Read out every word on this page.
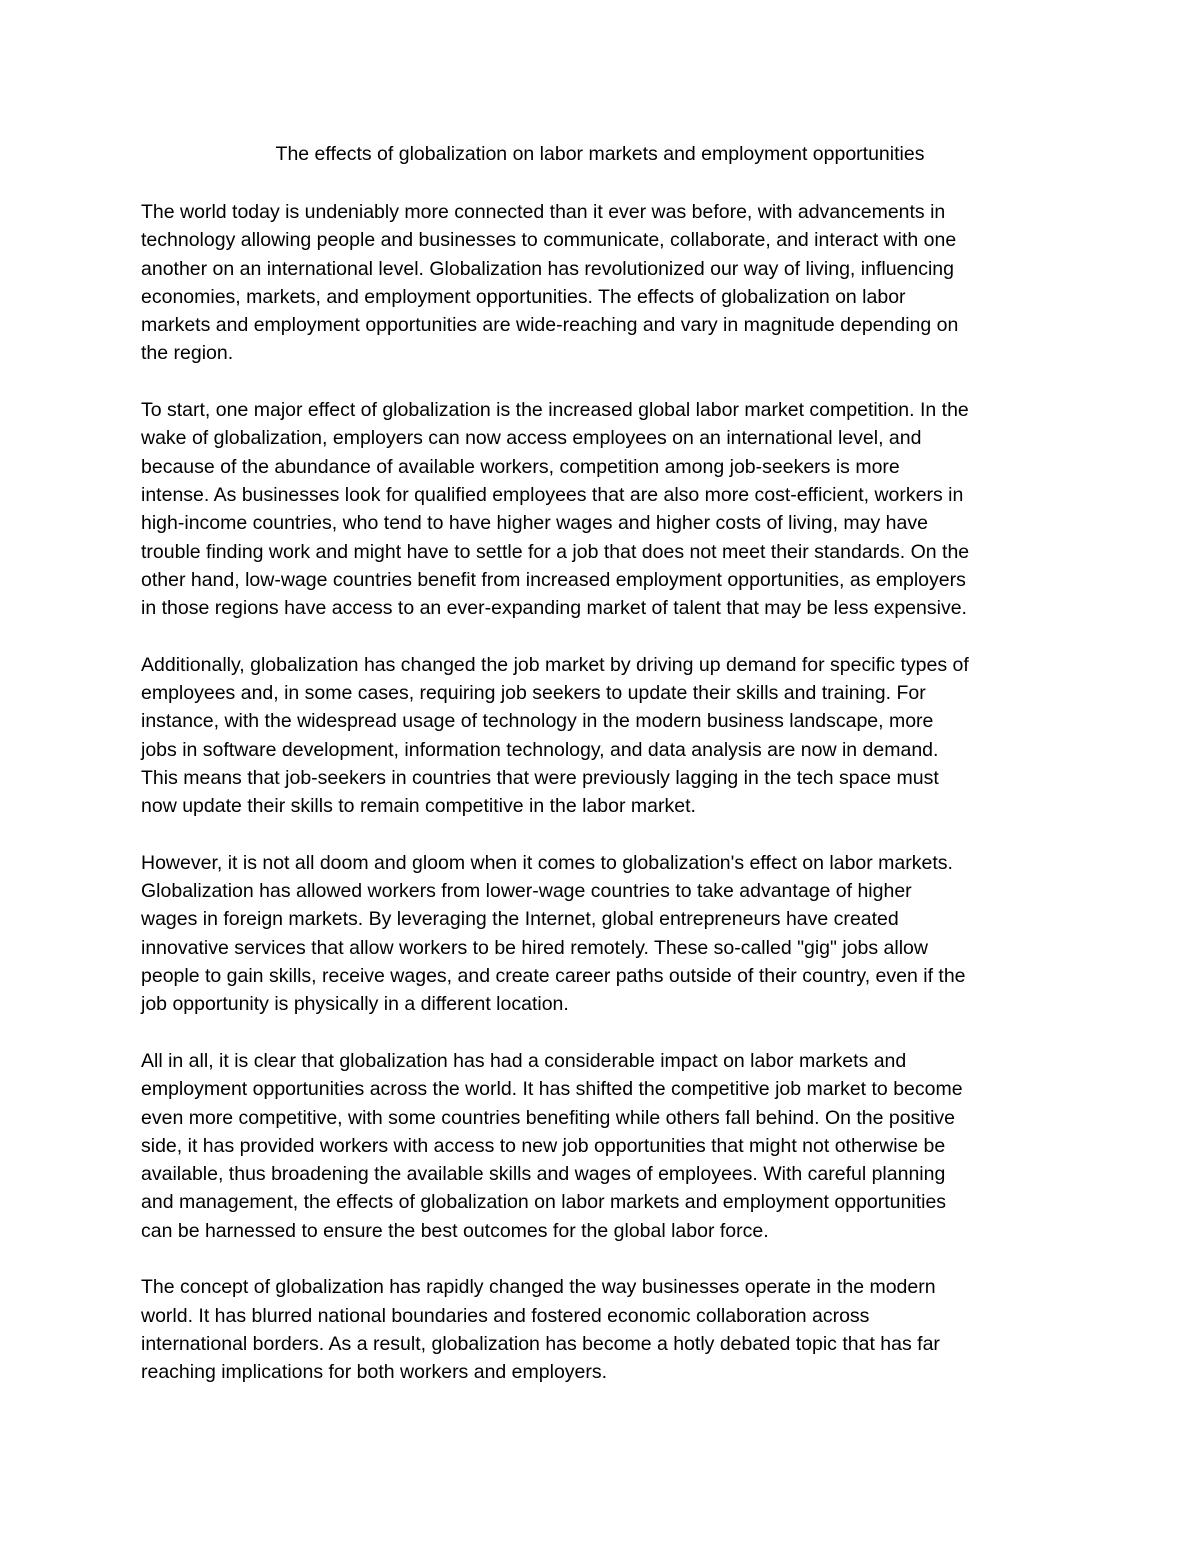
The effects of globalization on labor markets and employment opportunities

The world today is undeniably more connected than it ever was before, with advancements in
technology allowing people and businesses to communicate, collaborate, and interact with one
another on an international level. Globalization has revolutionized our way of living, influencing
economies, markets, and employment opportunities. The effects of globalization on labor
markets and employment opportunities are wide-reaching and vary in magnitude depending on
the region.

To start, one major effect of globalization is the increased global labor market competition. In the
wake of globalization, employers can now access employees on an international level, and
because of the abundance of available workers, competition among job-seekers is more
intense. As businesses look for qualified employees that are also more cost-efficient, workers in
high-income countries, who tend to have higher wages and higher costs of living, may have
trouble finding work and might have to settle for a job that does not meet their standards. On the
other hand, low-wage countries benefit from increased employment opportunities, as employers
in those regions have access to an ever-expanding market of talent that may be less expensive.

Additionally, globalization has changed the job market by driving up demand for specific types of
employees and, in some cases, requiring job seekers to update their skills and training. For
instance, with the widespread usage of technology in the modern business landscape, more
jobs in software development, information technology, and data analysis are now in demand.
This means that job-seekers in countries that were previously lagging in the tech space must
now update their skills to remain competitive in the labor market.

However, it is not all doom and gloom when it comes to globalization's effect on labor markets.
Globalization has allowed workers from lower-wage countries to take advantage of higher
wages in foreign markets. By leveraging the Internet, global entrepreneurs have created
innovative services that allow workers to be hired remotely. These so-called "gig" jobs allow
people to gain skills, receive wages, and create career paths outside of their country, even if the
job opportunity is physically in a different location.

All in all, it is clear that globalization has had a considerable impact on labor markets and
employment opportunities across the world. It has shifted the competitive job market to become
even more competitive, with some countries benefiting while others fall behind. On the positive
side, it has provided workers with access to new job opportunities that might not otherwise be
available, thus broadening the available skills and wages of employees. With careful planning
and management, the effects of globalization on labor markets and employment opportunities
can be harnessed to ensure the best outcomes for the global labor force.

The concept of globalization has rapidly changed the way businesses operate in the modern
world. It has blurred national boundaries and fostered economic collaboration across
international borders. As a result, globalization has become a hotly debated topic that has far
reaching implications for both workers and employers.
